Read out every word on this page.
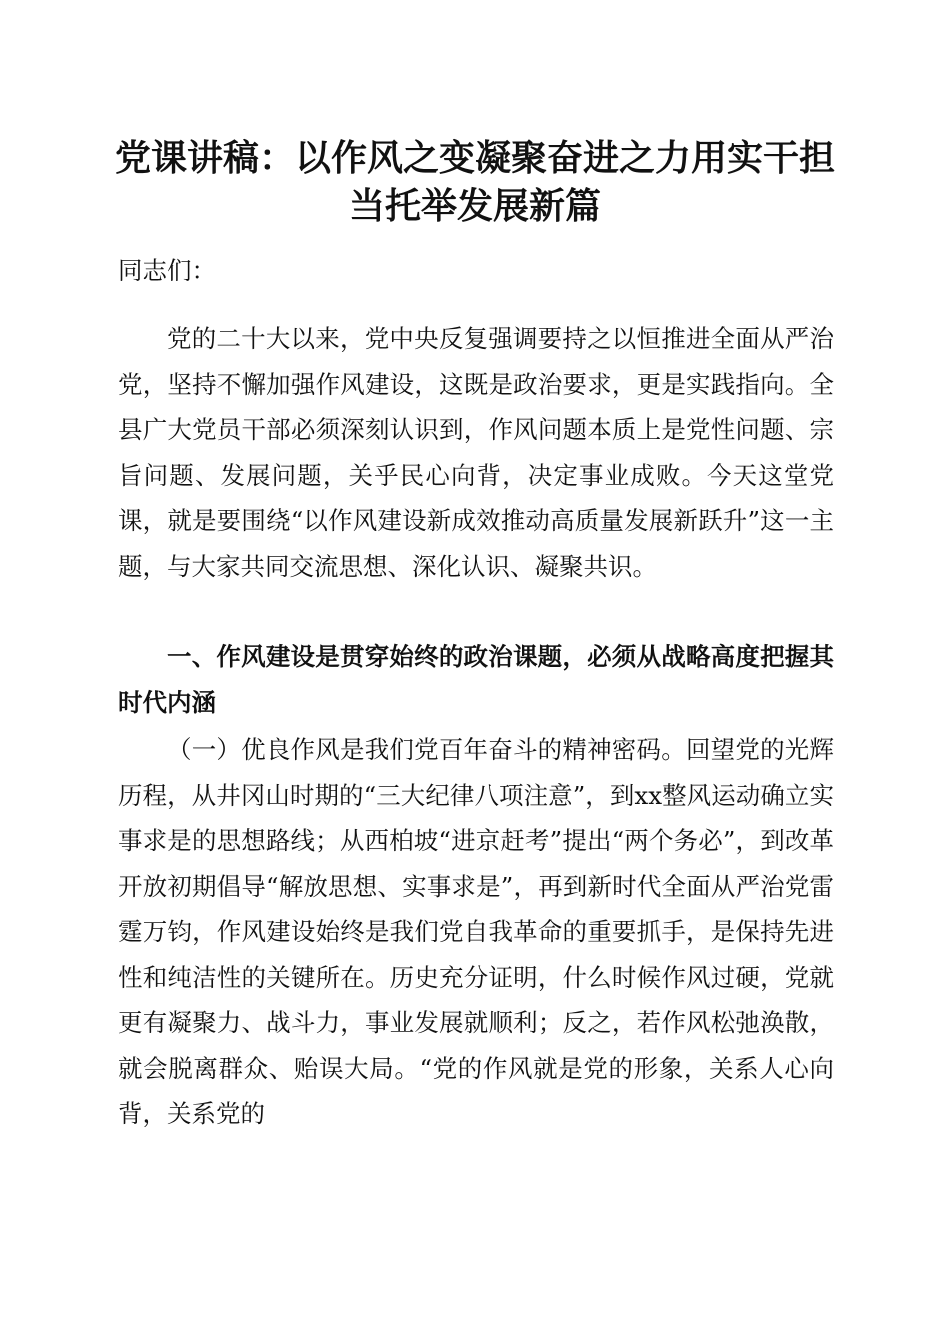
党课讲稿：以作风之变凝聚奋进之力用实干担当托举发展新篇

同志们：

党的二十大以来，党中央反复强调要持之以恒推进全面从严治党，坚持不懈加强作风建设，这既是政治要求，更是实践指向。全县广大党员干部必须深刻认识到，作风问题本质上是党性问题、宗旨问题、发展问题，关乎民心向背，决定事业成败。今天这堂党课，就是要围绕“以作风建设新成效推动高质量发展新跃升”这一主题，与大家共同交流思想、深化认识、凝聚共识。

一、作风建设是贯穿始终的政治课题，必须从战略高度把握其时代内涵

（一）优良作风是我们党百年奋斗的精神密码。回望党的光辉历程，从井冈山时期的“三大纪律八项注意”，到xx整风运动确立实事求是的思想路线；从西柏坡“进京赶考”提出“两个务必”，到改革开放初期倡导“解放思想、实事求是”，再到新时代全面从严治党雷霆万钧，作风建设始终是我们党自我革命的重要抓手，是保持先进性和纯洁性的关键所在。历史充分证明，什么时候作风过硬，党就更有凝聚力、战斗力，事业发展就顺利；反之，若作风松弛涣散，就会脱离群众、贻误大局。“党的作风就是党的形象，关系人心向背，关系党的
